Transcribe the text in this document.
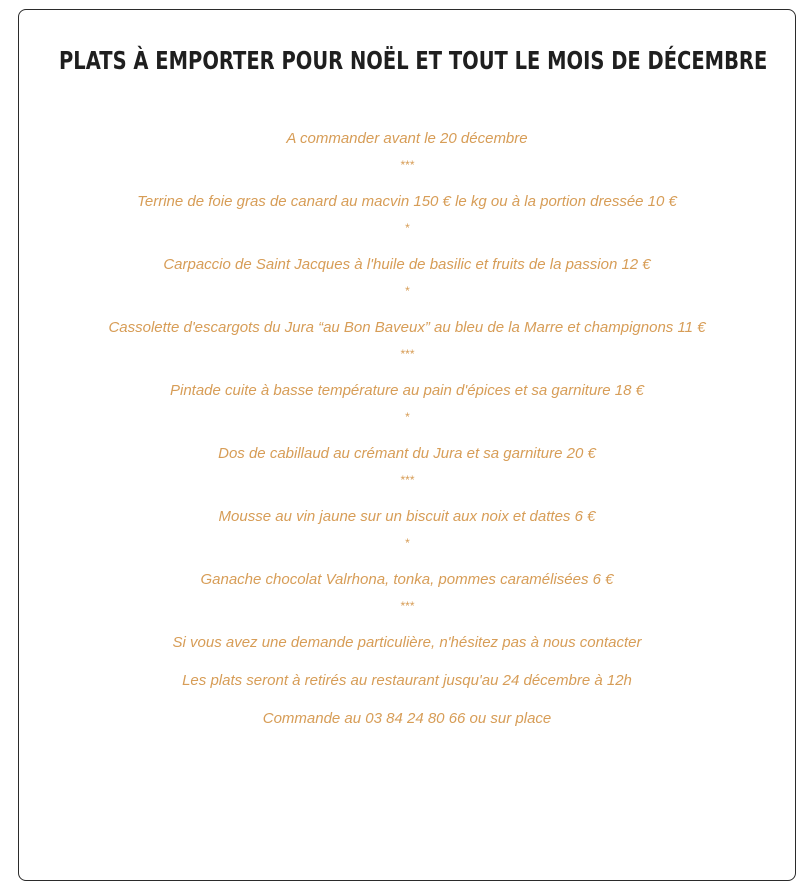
PLATS À EMPORTER POUR NOËL ET TOUT LE MOIS DE DÉCEMBRE
A commander avant le 20 décembre
***
Terrine de foie gras de canard au macvin 150 € le kg ou à la portion dressée 10 €
*
Carpaccio de Saint Jacques à l'huile de basilic et fruits de la passion 12 €
*
Cassolette d'escargots du Jura “au Bon Baveux” au bleu de la Marre et champignons 11 €
***
Pintade cuite à basse température au pain d'épices et sa garniture 18 €
*
Dos de cabillaud au crémant du Jura et sa garniture 20 €
***
Mousse au vin jaune sur un biscuit aux noix et dattes 6 €
*
Ganache chocolat Valrhona, tonka, pommes caramélisées 6 €
***
Si vous avez une demande particulière, n'hésitez pas à nous contacter
Les plats seront à retirés au restaurant jusqu'au 24 décembre à 12h
Commande au 03 84 24 80 66 ou sur place
